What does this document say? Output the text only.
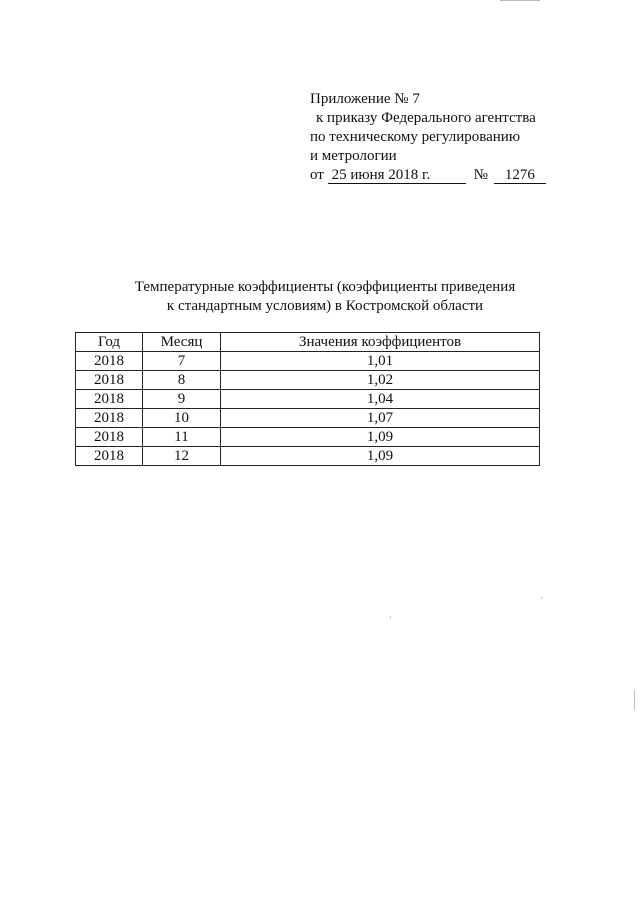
Приложение № 7
к приказу Федерального агентства
по техническому регулированию
и метрологии
от 25 июня 2018 г.	№ 1276
Температурные коэффициенты (коэффициенты приведения
к стандартным условиям) в Костромской области
Год	Месяц	Значения коэффициентов
2018	7	1,01
2018	8	1,02
2018	9	1,04
2018	10	1,07
2018	11	1,09
2018	12	1,09
